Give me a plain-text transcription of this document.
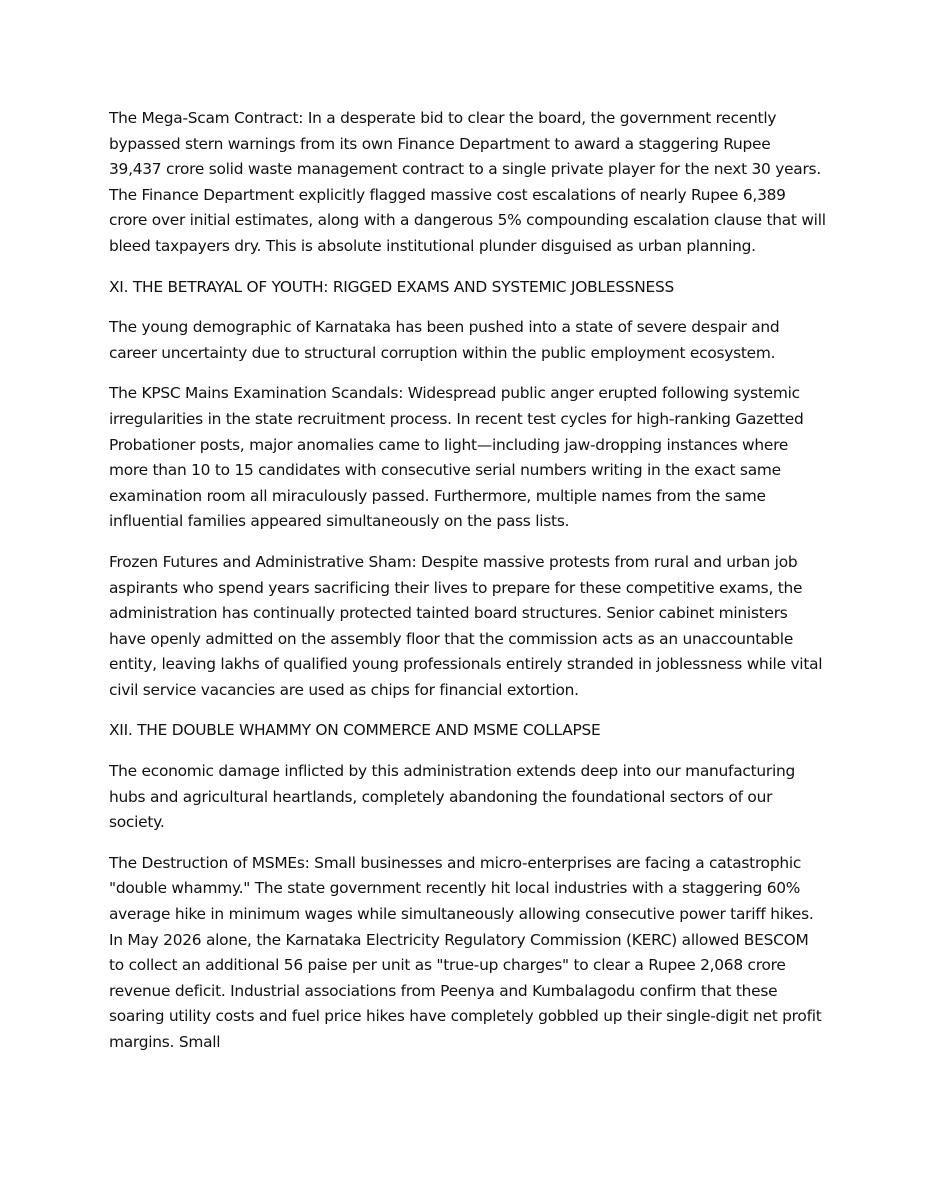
The Mega-Scam Contract: In a desperate bid to clear the board, the government recently bypassed stern warnings from its own Finance Department to award a staggering Rupee 39,437 crore solid waste management contract to a single private player for the next 30 years. The Finance Department explicitly flagged massive cost escalations of nearly Rupee 6,389 crore over initial estimates, along with a dangerous 5% compounding escalation clause that will bleed taxpayers dry. This is absolute institutional plunder disguised as urban planning.

XI. THE BETRAYAL OF YOUTH: RIGGED EXAMS AND SYSTEMIC JOBLESSNESS

The young demographic of Karnataka has been pushed into a state of severe despair and career uncertainty due to structural corruption within the public employment ecosystem.

The KPSC Mains Examination Scandals: Widespread public anger erupted following systemic irregularities in the state recruitment process. In recent test cycles for high-ranking Gazetted Probationer posts, major anomalies came to light—including jaw-dropping instances where more than 10 to 15 candidates with consecutive serial numbers writing in the exact same examination room all miraculously passed. Furthermore, multiple names from the same influential families appeared simultaneously on the pass lists.

Frozen Futures and Administrative Sham: Despite massive protests from rural and urban job aspirants who spend years sacrificing their lives to prepare for these competitive exams, the administration has continually protected tainted board structures. Senior cabinet ministers have openly admitted on the assembly floor that the commission acts as an unaccountable entity, leaving lakhs of qualified young professionals entirely stranded in joblessness while vital civil service vacancies are used as chips for financial extortion.

XII. THE DOUBLE WHAMMY ON COMMERCE AND MSME COLLAPSE

The economic damage inflicted by this administration extends deep into our manufacturing hubs and agricultural heartlands, completely abandoning the foundational sectors of our society.

The Destruction of MSMEs: Small businesses and micro-enterprises are facing a catastrophic "double whammy." The state government recently hit local industries with a staggering 60% average hike in minimum wages while simultaneously allowing consecutive power tariff hikes. In May 2026 alone, the Karnataka Electricity Regulatory Commission (KERC) allowed BESCOM to collect an additional 56 paise per unit as "true-up charges" to clear a Rupee 2,068 crore revenue deficit. Industrial associations from Peenya and Kumbalagodu confirm that these soaring utility costs and fuel price hikes have completely gobbled up their single-digit net profit margins. Small
